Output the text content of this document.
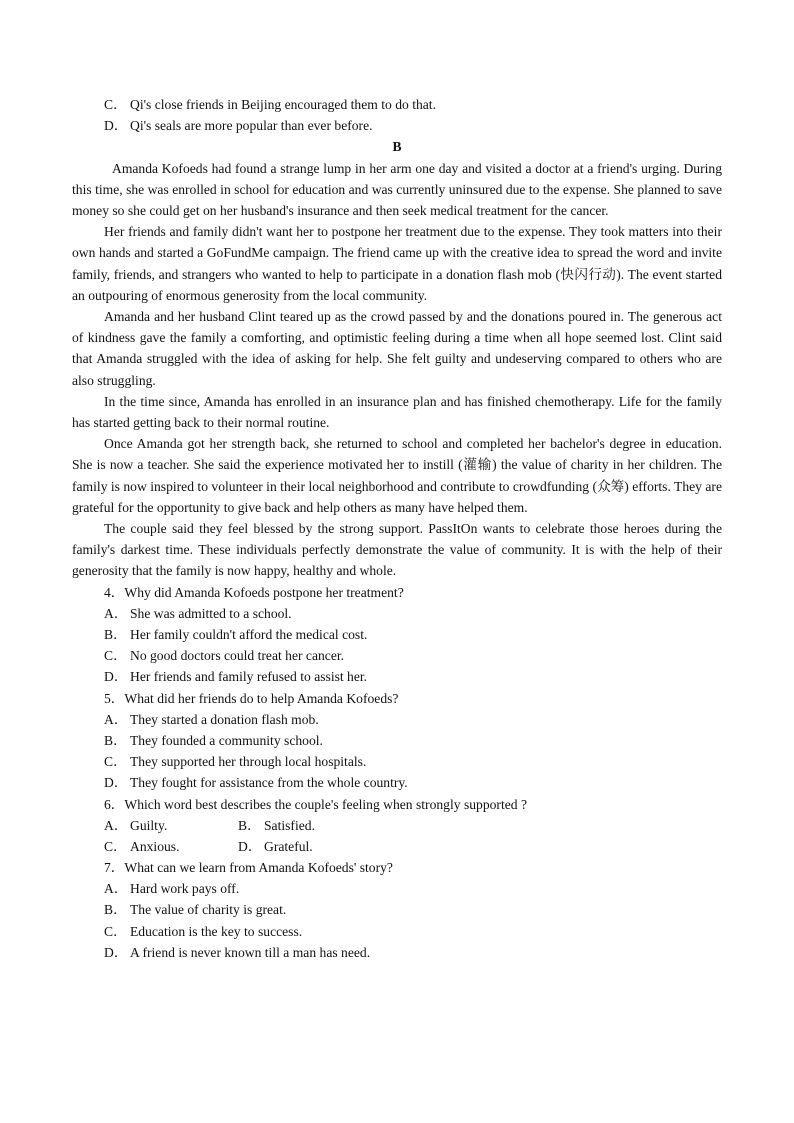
C． Qi's close friends in Beijing encouraged them to do that.
D． Qi's seals are more popular than ever before.
B
Amanda Kofoeds had found a strange lump in her arm one day and visited a doctor at a friend's urging. During this time, she was enrolled in school for education and was currently uninsured due to the expense. She planned to save money so she could get on her husband's insurance and then seek medical treatment for the cancer.
Her friends and family didn't want her to postpone her treatment due to the expense. They took matters into their own hands and started a GoFundMe campaign. The friend came up with the creative idea to spread the word and invite family, friends, and strangers who wanted to help to participate in a donation flash mob (快闪行动). The event started an outpouring of enormous generosity from the local community.
Amanda and her husband Clint teared up as the crowd passed by and the donations poured in. The generous act of kindness gave the family a comforting, and optimistic feeling during a time when all hope seemed lost. Clint said that Amanda struggled with the idea of asking for help. She felt guilty and undeserving compared to others who are also struggling.
In the time since, Amanda has enrolled in an insurance plan and has finished chemotherapy. Life for the family has started getting back to their normal routine.
Once Amanda got her strength back, she returned to school and completed her bachelor's degree in education. She is now a teacher. She said the experience motivated her to instill (灌输) the value of charity in her children. The family is now inspired to volunteer in their local neighborhood and contribute to crowdfunding (众筹) efforts. They are grateful for the opportunity to give back and help others as many have helped them.
The couple said they feel blessed by the strong support. PassItOn wants to celebrate those heroes during the family's darkest time. These individuals perfectly demonstrate the value of community. It is with the help of their generosity that the family is now happy, healthy and whole.
4．Why did Amanda Kofoeds postpone her treatment?
A． She was admitted to a school.
B． Her family couldn't afford the medical cost.
C． No good doctors could treat her cancer.
D． Her friends and family refused to assist her.
5．What did her friends do to help Amanda Kofoeds?
A． They started a donation flash mob.
B． They founded a community school.
C． They supported her through local hospitals.
D． They fought for assistance from the whole country.
6．Which word best describes the couple's feeling when strongly supported ?
A． Guilty.	B． Satisfied.
C． Anxious.	D． Grateful.
7．What can we learn from Amanda Kofoeds' story?
A． Hard work pays off.
B． The value of charity is great.
C． Education is the key to success.
D． A friend is never known till a man has need.
